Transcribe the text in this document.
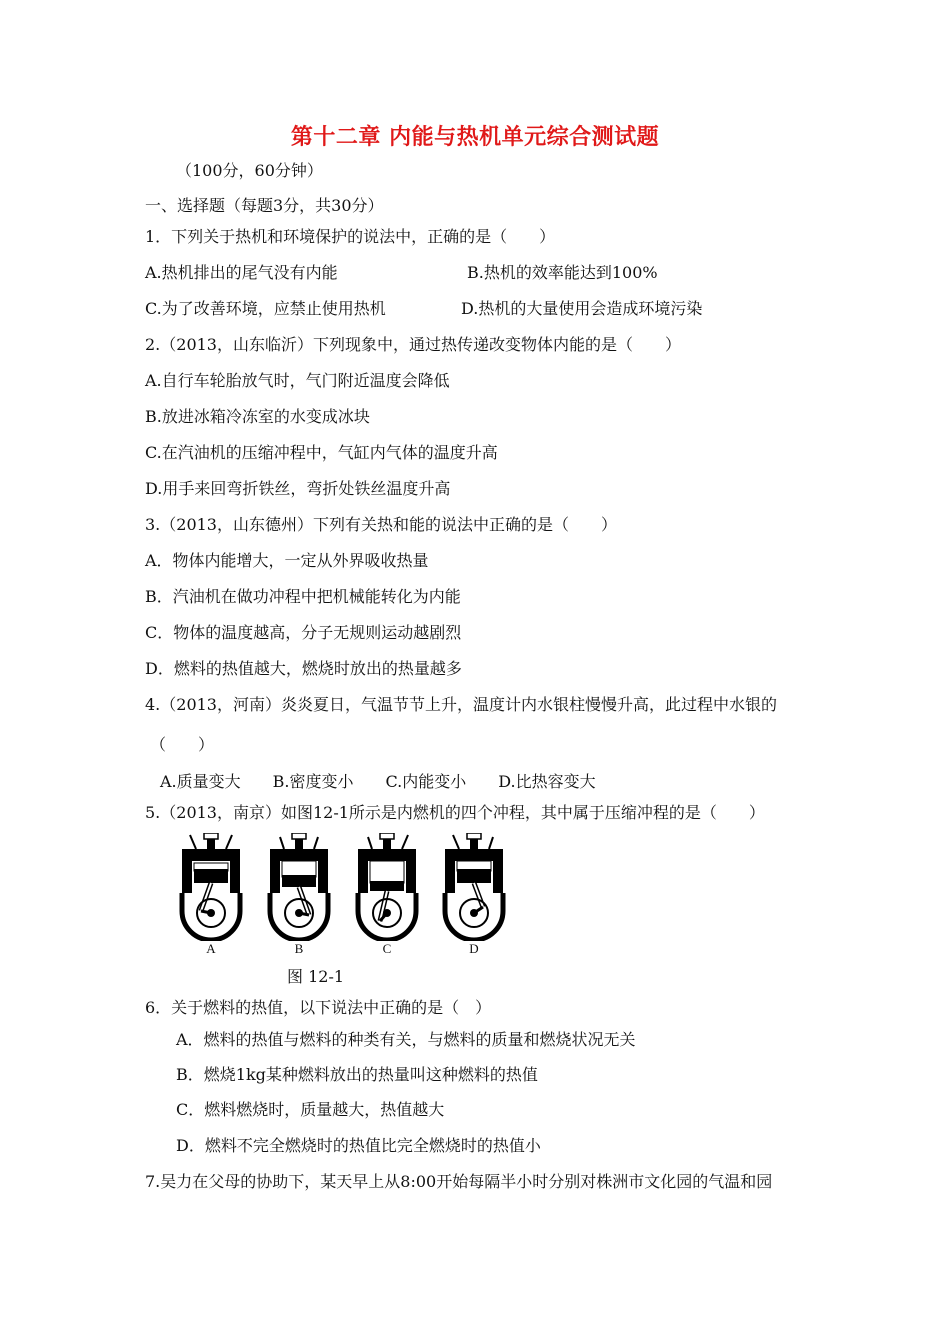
第十二章 内能与热机单元综合测试题
（100分，60分钟）
一、选择题（每题3分，共30分）
1．下列关于热机和环境保护的说法中，正确的是（　　）
A.热机排出的尾气没有内能	B.热机的效率能达到100%
C.为了改善环境，应禁止使用热机	D.热机的大量使用会造成环境污染
2.（2013，山东临沂）下列现象中，通过热传递改变物体内能的是（　　）
A.自行车轮胎放气时，气门附近温度会降低
B.放进冰箱冷冻室的水变成冰块
C.在汽油机的压缩冲程中，气缸内气体的温度升高
D.用手来回弯折铁丝，弯折处铁丝温度升高
3.（2013，山东德州）下列有关热和能的说法中正确的是（　　）
A．物体内能增大，一定从外界吸收热量
B．汽油机在做功冲程中把机械能转化为内能
C．物体的温度越高，分子无规则运动越剧烈
D．燃料的热值越大，燃烧时放出的热量越多
4.（2013，河南）炎炎夏日，气温节节上升，温度计内水银柱慢慢升高，此过程中水银的
（　　）
A.质量变大　　B.密度变小　　C.内能变小　　D.比热容变大
5.（2013，南京）如图12-1所示是内燃机的四个冲程，其中属于压缩冲程的是（　　）
A	B	C	D
图 12-1
6．关于燃料的热值，以下说法中正确的是（　）
A．燃料的热值与燃料的种类有关，与燃料的质量和燃烧状况无关
B．燃烧1kg某种燃料放出的热量叫这种燃料的热值
C．燃料燃烧时，质量越大，热值越大
D．燃料不完全燃烧时的热值比完全燃烧时的热值小
7.吴力在父母的协助下，某天早上从8:00开始每隔半小时分别对株洲市文化园的气温和园
